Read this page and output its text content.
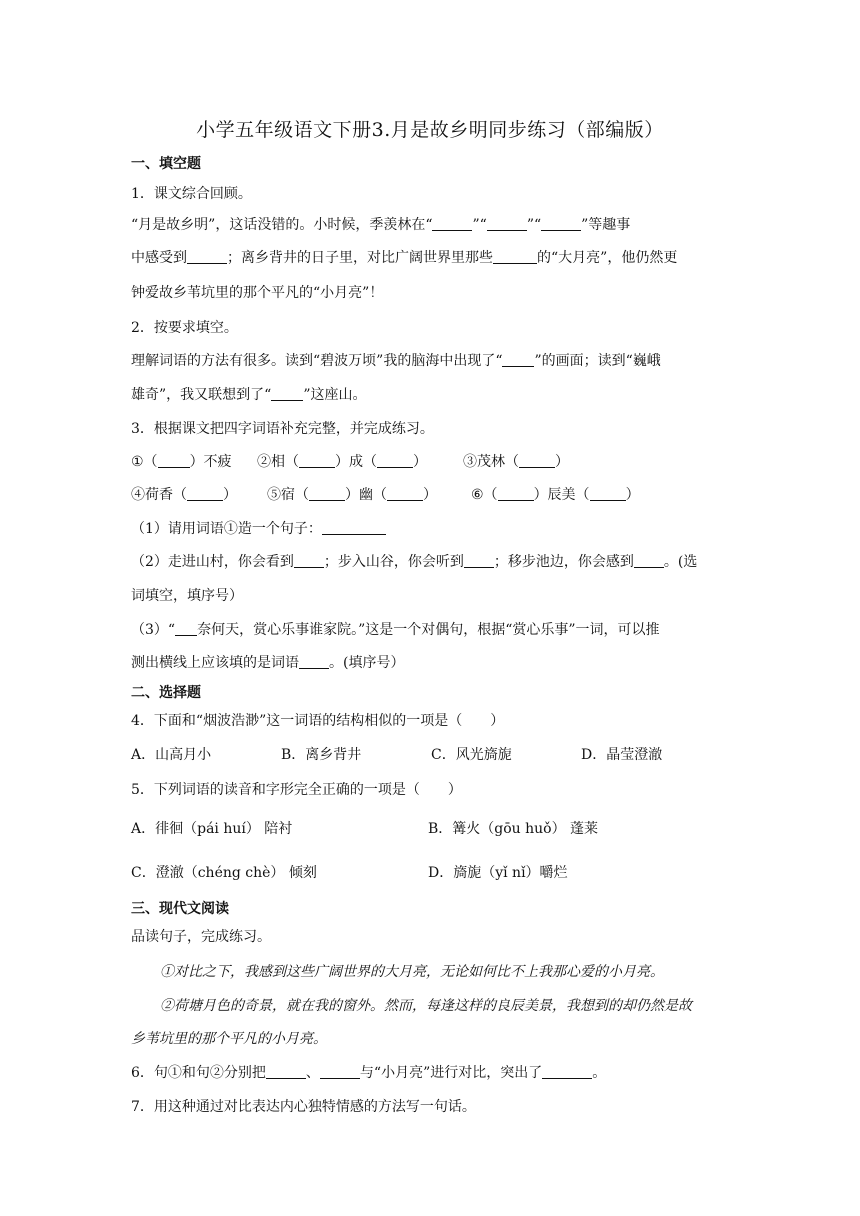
小学五年级语文下册3.月是故乡明同步练习（部编版）
一、填空题
1．课文综合回顾。
“月是故乡明”，这话没错的。小时候，季羡林在“	”“	”“	”等趣事
中感受到	；离乡背井的日子里，对比广阔世界里那些	的“大月亮”，他仍然更
钟爱故乡苇坑里的那个平凡的“小月亮”！
2．按要求填空。
理解词语的方法有很多。读到“碧波万顷”我的脑海中出现了“ ”的画面；读到“巍峨
雄奇”，我又联想到了“ ”这座山。
3．根据课文把四字词语补充完整，并完成练习。
①（ ）不疲 ②相（	）成（	）	③茂林（	）
④荷香（	） ⑤宿（	）幽（	） ⑥（	）辰美（	）
（1）请用词语①造一个句子：
（2）走进山村，你会看到 ；步入山谷，你会听到 ；移步池边，你会感到 。(选
词填空，填序号）
（3）“ 奈何天，赏心乐事谁家院。”这是一个对偶句，根据“赏心乐事”一词，可以推
测出横线上应该填的是词语 。(填序号）
二、选择题
4．下面和“烟波浩渺”这一词语的结构相似的一项是（　　）
A．山高月小	B．离乡背井	C．风光旖旎	D．晶莹澄澈
5．下列词语的读音和字形完全正确的一项是（　　）
A．徘徊（pái huí） 陪衬	B．篝火（gōu huǒ） 蓬莱
C．澄澈（chéng chè） 倾刻	D．旖旎（yǐ nǐ）嚼烂
三、现代文阅读
品读句子，完成练习。
①对比之下，我感到这些广阔世界的大月亮，无论如何比不上我那心爱的小月亮。
②荷塘月色的奇景，就在我的窗外。然而，每逢这样的良辰美景，我想到的却仍然是故
乡苇坑里的那个平凡的小月亮。
6．句①和句②分别把	、	与“小月亮”进行对比，突出了	。
7．用这种通过对比表达内心独特情感的方法写一句话。
